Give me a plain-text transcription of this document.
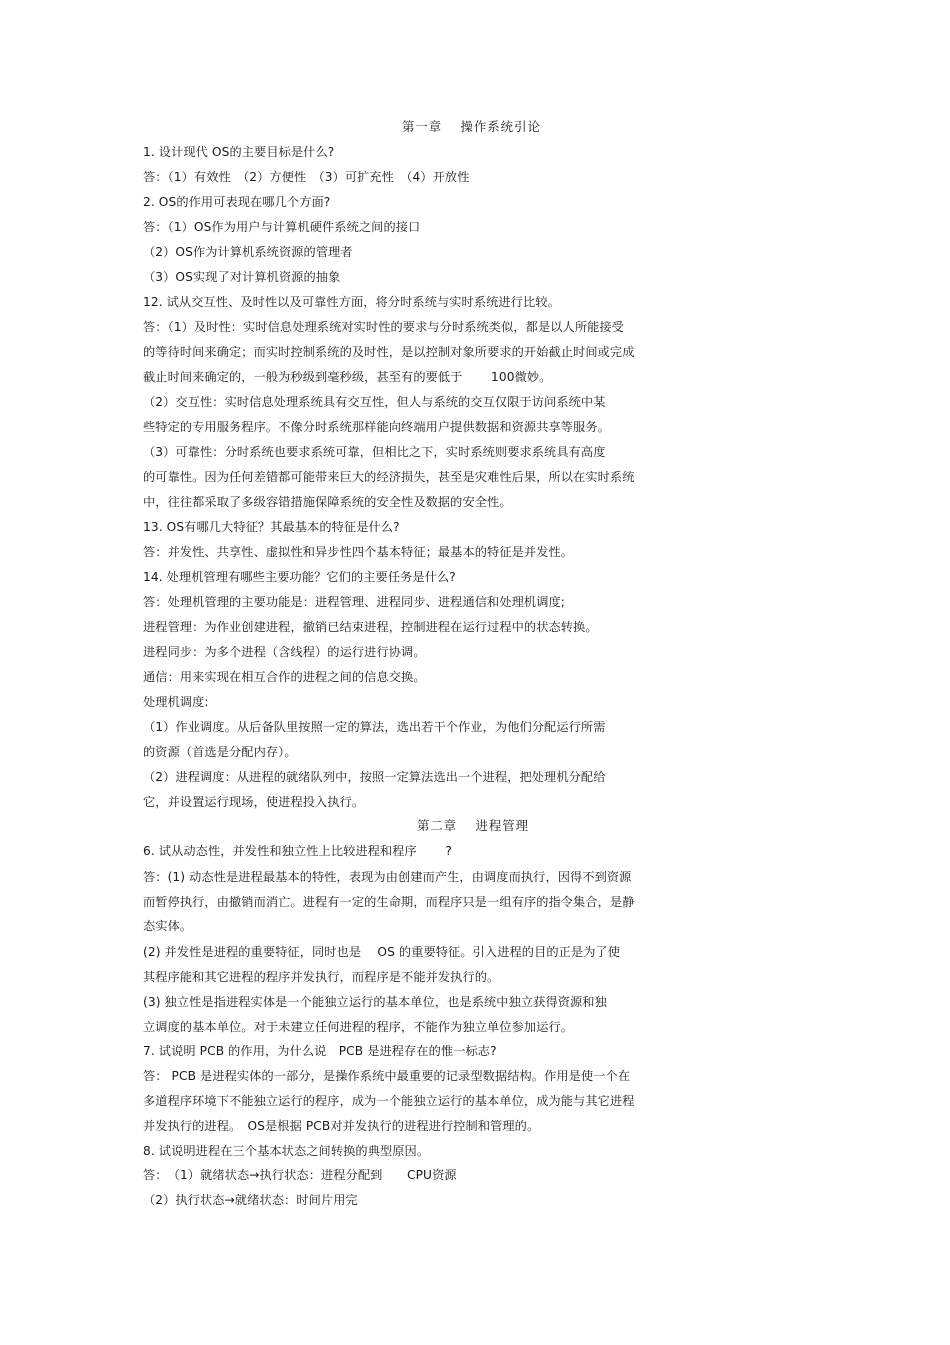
第一章　 操作系统引论
1. 设计现代 OS的主要目标是什么?
答：（1）有效性　（2）方便性　（3）可扩充性　（4）开放性
2. OS的作用可表现在哪几个方面?
答：（1）OS作为用户与计算机硬件系统之间的接口
（2）OS作为计算机系统资源的管理者
（3）OS实现了对计算机资源的抽象
12. 试从交互性、及时性以及可靠性方面，将分时系统与实时系统进行比较。
答：（1）及时性：实时信息处理系统对实时性的要求与分时系统类似，都是以人所能接受
的等待时间来确定；而实时控制系统的及时性，是以控制对象所要求的开始截止时间或完成
截止时间来确定的，一般为秒级到毫秒级，甚至有的要低于　　 100微妙。
（2）交互性：实时信息处理系统具有交互性，但人与系统的交互仅限于访问系统中某
些特定的专用服务程序。不像分时系统那样能向终端用户提供数据和资源共享等服务。
（3）可靠性：分时系统也要求系统可靠，但相比之下，实时系统则要求系统具有高度
的可靠性。因为任何差错都可能带来巨大的经济损失，甚至是灾难性后果，所以在实时系统
中，往往都采取了多级容错措施保障系统的安全性及数据的安全性。
13. OS有哪几大特征？其最基本的特征是什么?
答：并发性、共享性、虚拟性和异步性四个基本特征；最基本的特征是并发性。
14. 处理机管理有哪些主要功能？它们的主要任务是什么?
答：处理机管理的主要功能是：进程管理、进程同步、进程通信和处理机调度;
进程管理：为作业创建进程，撤销已结束进程，控制进程在运行过程中的状态转换。
进程同步：为多个进程（含线程）的运行进行协调。
通信：用来实现在相互合作的进程之间的信息交换。
处理机调度:
（1）作业调度。从后备队里按照一定的算法，选出若干个作业，为他们分配运行所需
的资源（首选是分配内存）。
（2）进程调度：从进程的就绪队列中，按照一定算法选出一个进程，把处理机分配给
它，并设置运行现场，使进程投入执行。
第二章　 进程管理
6. 试从动态性，并发性和独立性上比较进程和程序　　 ?
答：(1) 动态性是进程最基本的特性，表现为由创建而产生，由调度而执行，因得不到资源
而暂停执行，由撤销而消亡。进程有一定的生命期，而程序只是一组有序的指令集合，是静
态实体。
(2) 并发性是进程的重要特征，同时也是　 OS 的重要特征。引入进程的目的正是为了使
其程序能和其它进程的程序并发执行，而程序是不能并发执行的。
(3) 独立性是指进程实体是一个能独立运行的基本单位，也是系统中独立获得资源和独
立调度的基本单位。对于未建立任何进程的程序，不能作为独立单位参加运行。
7. 试说明 PCB 的作用，为什么说　PCB 是进程存在的惟一标志?
答： PCB 是进程实体的一部分，是操作系统中最重要的记录型数据结构。作用是使一个在
多道程序环境下不能独立运行的程序，成为一个能独立运行的基本单位，成为能与其它进程
并发执行的进程。　OS是根据 PCB对并发执行的进程进行控制和管理的。
8. 试说明进程在三个基本状态之间转换的典型原因。
答：　（1）就绪状态→执行状态：进程分配到　　CPU资源
（2）执行状态→就绪状态：时间片用完
